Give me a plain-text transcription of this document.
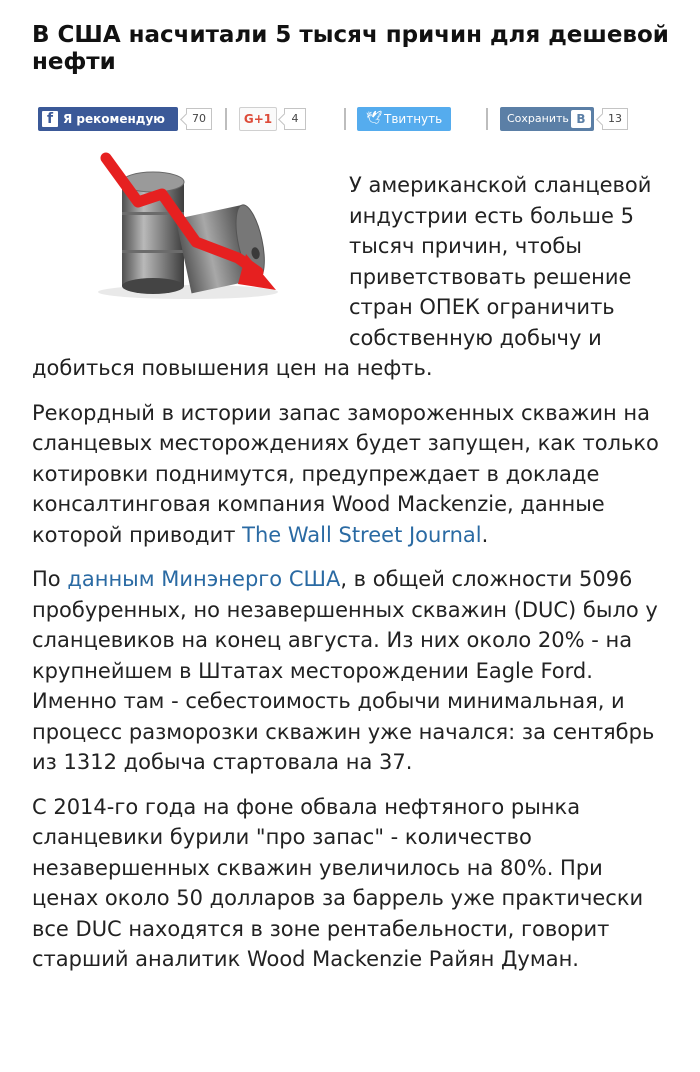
В США насчитали 5 тысяч причин для дешевой нефти
f Я рекомендую	70	G+1	4	🕊 Твитнуть	Сохранить В	13

У американской сланцевой индустрии есть больше 5 тысяч причин, чтобы приветствовать решение стран ОПЕК ограничить собственную добычу и добиться повышения цен на нефть.

Рекордный в истории запас замороженных скважин на сланцевых месторождениях будет запущен, как только котировки поднимутся, предупреждает в докладе консалтинговая компания Wood Mackenzie, данные которой приводит The Wall Street Journal.

По данным Минэнерго США, в общей сложности 5096 пробуренных, но незавершенных скважин (DUC) было у сланцевиков на конец августа. Из них около 20% - на крупнейшем в Штатах месторождении Eagle Ford. Именно там - себестоимость добычи минимальная, и процесс разморозки скважин уже начался: за сентябрь из 1312 добыча стартовала на 37.

С 2014-го года на фоне обвала нефтяного рынка сланцевики бурили "про запас" - количество незавершенных скважин увеличилось на 80%. При ценах около 50 долларов за баррель уже практически все DUC находятся в зоне рентабельности, говорит старший аналитик Wood Mackenzie Райян Думан.
